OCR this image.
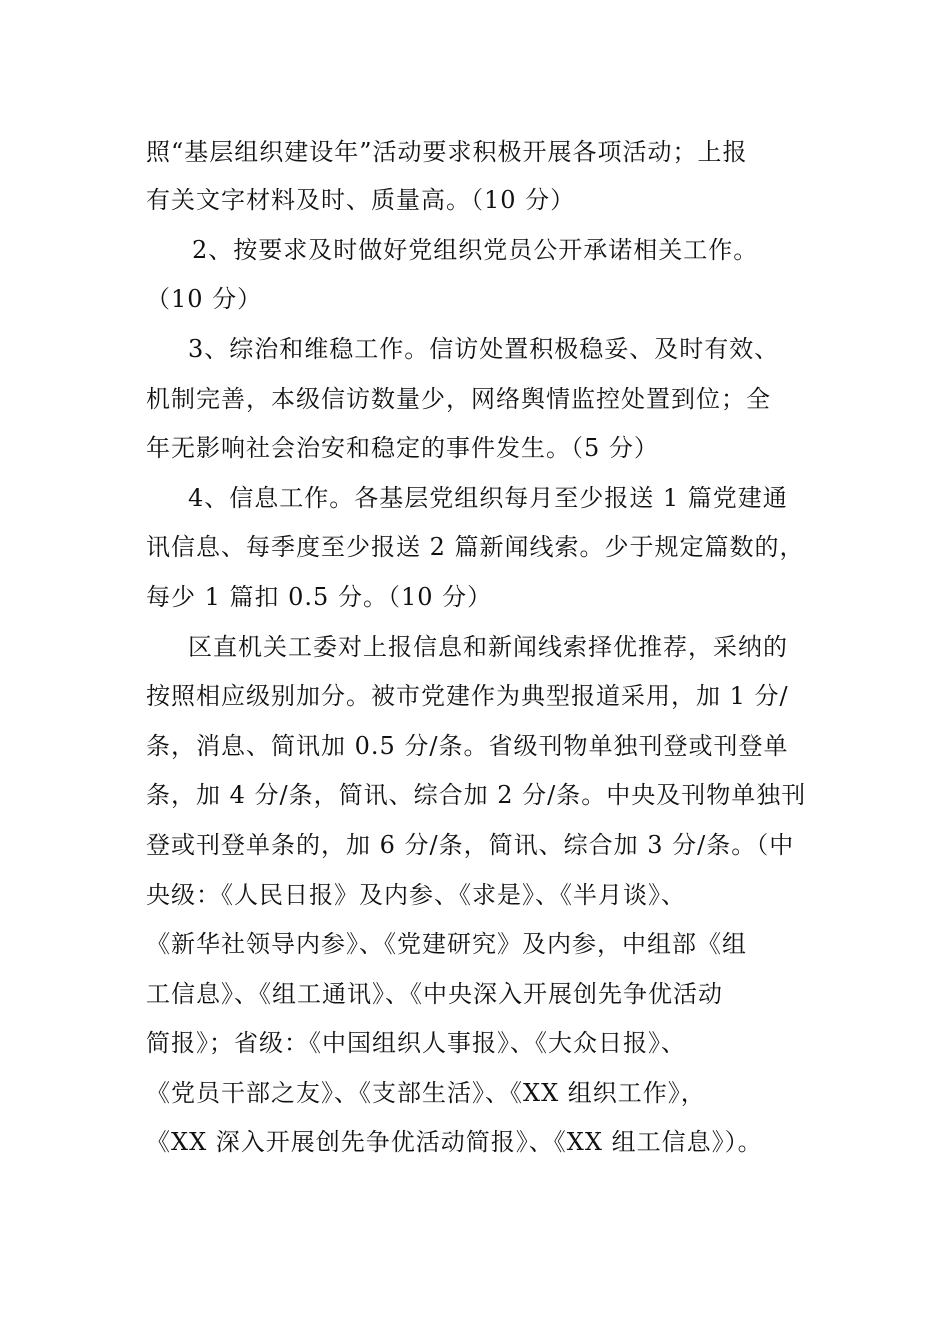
照“基层组织建设年”活动要求积极开展各项活动；上报
有关文字材料及时、质量高。（10 分）
2、按要求及时做好党组织党员公开承诺相关工作。
（10 分）
3、综治和维稳工作。信访处置积极稳妥、及时有效、
机制完善，本级信访数量少，网络舆情监控处置到位；全
年无影响社会治安和稳定的事件发生。（5 分）
4、信息工作。各基层党组织每月至少报送 1 篇党建通
讯信息、每季度至少报送 2 篇新闻线索。少于规定篇数的，
每少 1 篇扣 0.5 分。（10 分）
区直机关工委对上报信息和新闻线索择优推荐，采纳的
按照相应级别加分。被市党建作为典型报道采用，加 1 分/
条，消息、简讯加 0.5 分/条。省级刊物单独刊登或刊登单
条，加 4 分/条，简讯、综合加 2 分/条。中央及刊物单独刊
登或刊登单条的，加 6 分/条，简讯、综合加 3 分/条。（中
央级：《人民日报》及内参、《求是》、《半月谈》、
《新华社领导内参》、《党建研究》及内参，中组部《组
工信息》、《组工通讯》、《中央深入开展创先争优活动
简报》；省级：《中国组织人事报》、《大众日报》、
《党员干部之友》、《支部生活》、《XX 组织工作》，
《XX 深入开展创先争优活动简报》、《XX 组工信息》）。
